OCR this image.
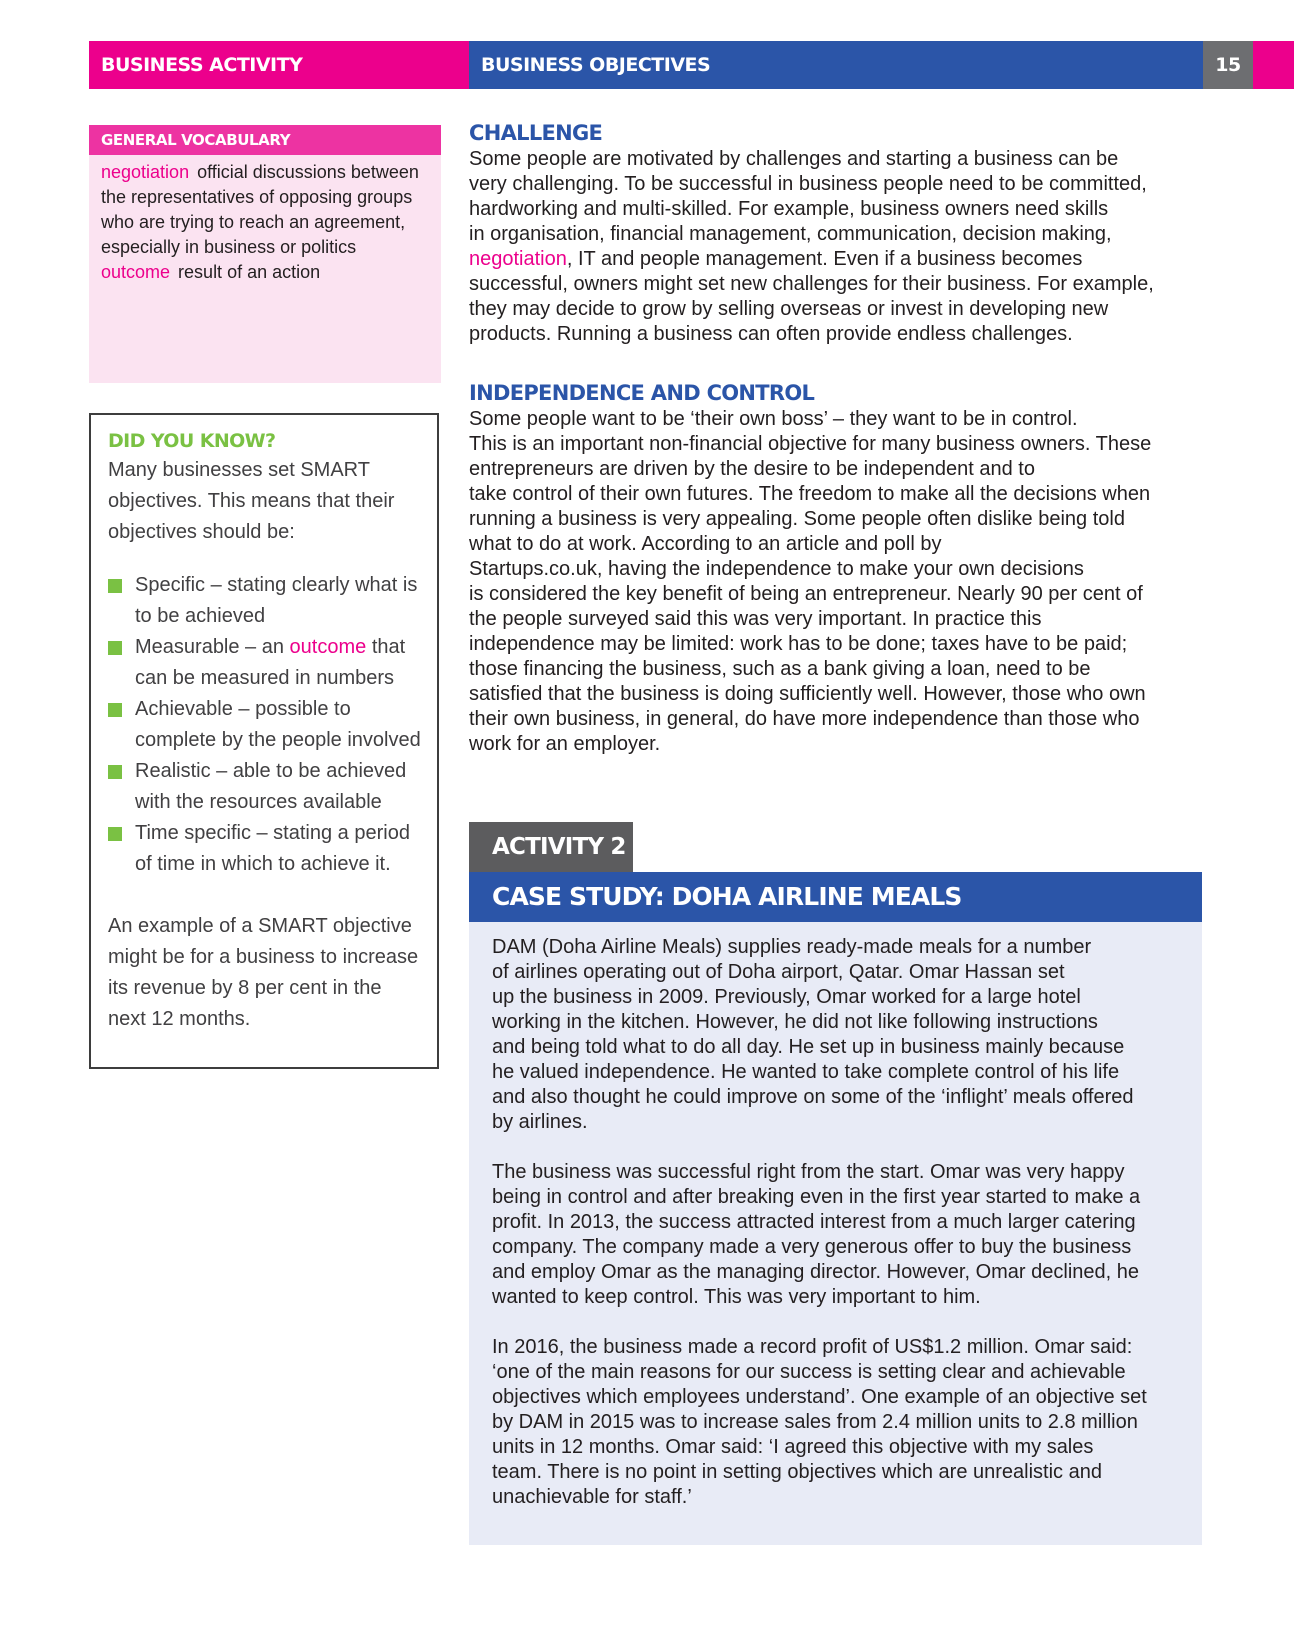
BUSINESS ACTIVITY	BUSINESS OBJECTIVES	15
GENERAL VOCABULARY
negotiation official discussions between
the representatives of opposing groups
who are trying to reach an agreement,
especially in business or politics
outcome result of an action
DID YOU KNOW?
Many businesses set SMART
objectives. This means that their
objectives should be:
Specific – stating clearly what is
to be achieved
Measurable – an outcome that
can be measured in numbers
Achievable – possible to
complete by the people involved
Realistic – able to be achieved
with the resources available
Time specific – stating a period
of time in which to achieve it.
An example of a SMART objective
might be for a business to increase
its revenue by 8 per cent in the
next 12 months.
CHALLENGE

Some people are motivated by challenges and starting a business can be
very challenging. To be successful in business people need to be committed,
hardworking and multi-skilled. For example, business owners need skills
in organisation, financial management, communication, decision making,
negotiation, IT and people management. Even if a business becomes
successful, owners might set new challenges for their business. For example,
they may decide to grow by selling overseas or invest in developing new
products. Running a business can often provide endless challenges.

INDEPENDENCE AND CONTROL

Some people want to be ‘their own boss’ – they want to be in control.
This is an important non-financial objective for many business owners. These
entrepreneurs are driven by the desire to be independent and to
take control of their own futures. The freedom to make all the decisions when
running a business is very appealing. Some people often dislike being told
what to do at work. According to an article and poll by
Startups.co.uk, having the independence to make your own decisions
is considered the key benefit of being an entrepreneur. Nearly 90 per cent of
the people surveyed said this was very important. In practice this
independence may be limited: work has to be done; taxes have to be paid;
those financing the business, such as a bank giving a loan, need to be
satisfied that the business is doing sufficiently well. However, those who own
their own business, in general, do have more independence than those who
work for an employer.

ACTIVITY 2
CASE STUDY: DOHA AIRLINE MEALS

DAM (Doha Airline Meals) supplies ready-made meals for a number
of airlines operating out of Doha airport, Qatar. Omar Hassan set
up the business in 2009. Previously, Omar worked for a large hotel
working in the kitchen. However, he did not like following instructions
and being told what to do all day. He set up in business mainly because
he valued independence. He wanted to take complete control of his life
and also thought he could improve on some of the ‘inflight’ meals offered
by airlines.

The business was successful right from the start. Omar was very happy
being in control and after breaking even in the first year started to make a
profit. In 2013, the success attracted interest from a much larger catering
company. The company made a very generous offer to buy the business
and employ Omar as the managing director. However, Omar declined, he
wanted to keep control. This was very important to him.

In 2016, the business made a record profit of US$1.2 million. Omar said:
‘one of the main reasons for our success is setting clear and achievable
objectives which employees understand’. One example of an objective set
by DAM in 2015 was to increase sales from 2.4 million units to 2.8 million
units in 12 months. Omar said: ‘I agreed this objective with my sales
team. There is no point in setting objectives which are unrealistic and
unachievable for staff.’
